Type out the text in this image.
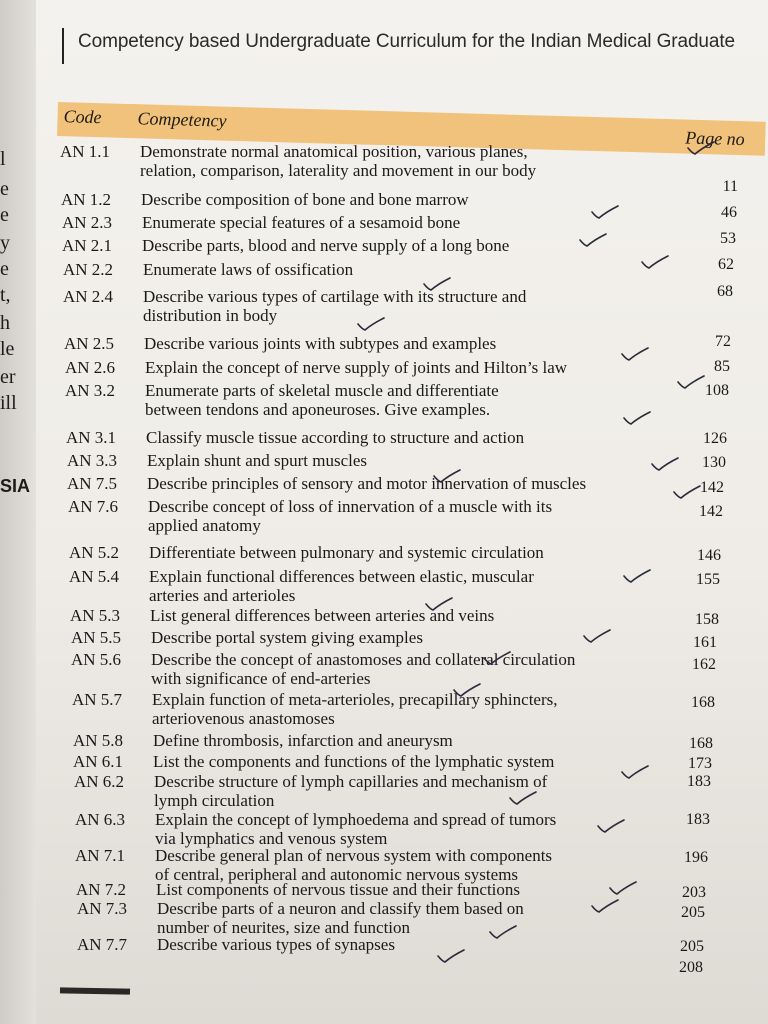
l
e
e
y
e
t,
h
le
er
ill
SIA
Competency based Undergraduate Curriculum for the Indian Medical Graduate
Code Competency
Page no
AN 1.1 Demonstrate normal anatomical position, various planes,
relation, comparison, laterality and movement in our body
11
AN 1.2 Describe composition of bone and bone marrow
46
AN 2.3 Enumerate special features of a sesamoid bone
53
AN 2.1 Describe parts, blood and nerve supply of a long bone
62
AN 2.2 Enumerate laws of ossification
68
AN 2.4 Describe various types of cartilage with its structure and
distribution in body
72
AN 2.5 Describe various joints with subtypes and examples
85
AN 2.6 Explain the concept of nerve supply of joints and Hilton’s law
108
AN 3.2 Enumerate parts of skeletal muscle and differentiate
between tendons and aponeuroses. Give examples.
126
AN 3.1 Classify muscle tissue according to structure and action
130
AN 3.3 Explain shunt and spurt muscles
142
AN 7.5 Describe principles of sensory and motor innervation of muscles
142
AN 7.6 Describe concept of loss of innervation of a muscle with its
applied anatomy
146
AN 5.2 Differentiate between pulmonary and systemic circulation
155
AN 5.4 Explain functional differences between elastic, muscular
arteries and arterioles
158
AN 5.3 List general differences between arteries and veins
161
AN 5.5 Describe portal system giving examples
162
AN 5.6 Describe the concept of anastomoses and collateral circulation
with significance of end-arteries
168
AN 5.7 Explain function of meta-arterioles, precapillary sphincters,
arteriovenous anastomoses
168
AN 5.8 Define thrombosis, infarction and aneurysm
173
AN 6.1 List the components and functions of the lymphatic system
183
AN 6.2 Describe structure of lymph capillaries and mechanism of
lymph circulation
183
AN 6.3 Explain the concept of lymphoedema and spread of tumors
via lymphatics and venous system
196
AN 7.1 Describe general plan of nervous system with components
of central, peripheral and autonomic nervous systems
203
AN 7.2 List components of nervous tissue and their functions
205
AN 7.3 Describe parts of a neuron and classify them based on
number of neurites, size and function
205
AN 7.7 Describe various types of synapses
208
